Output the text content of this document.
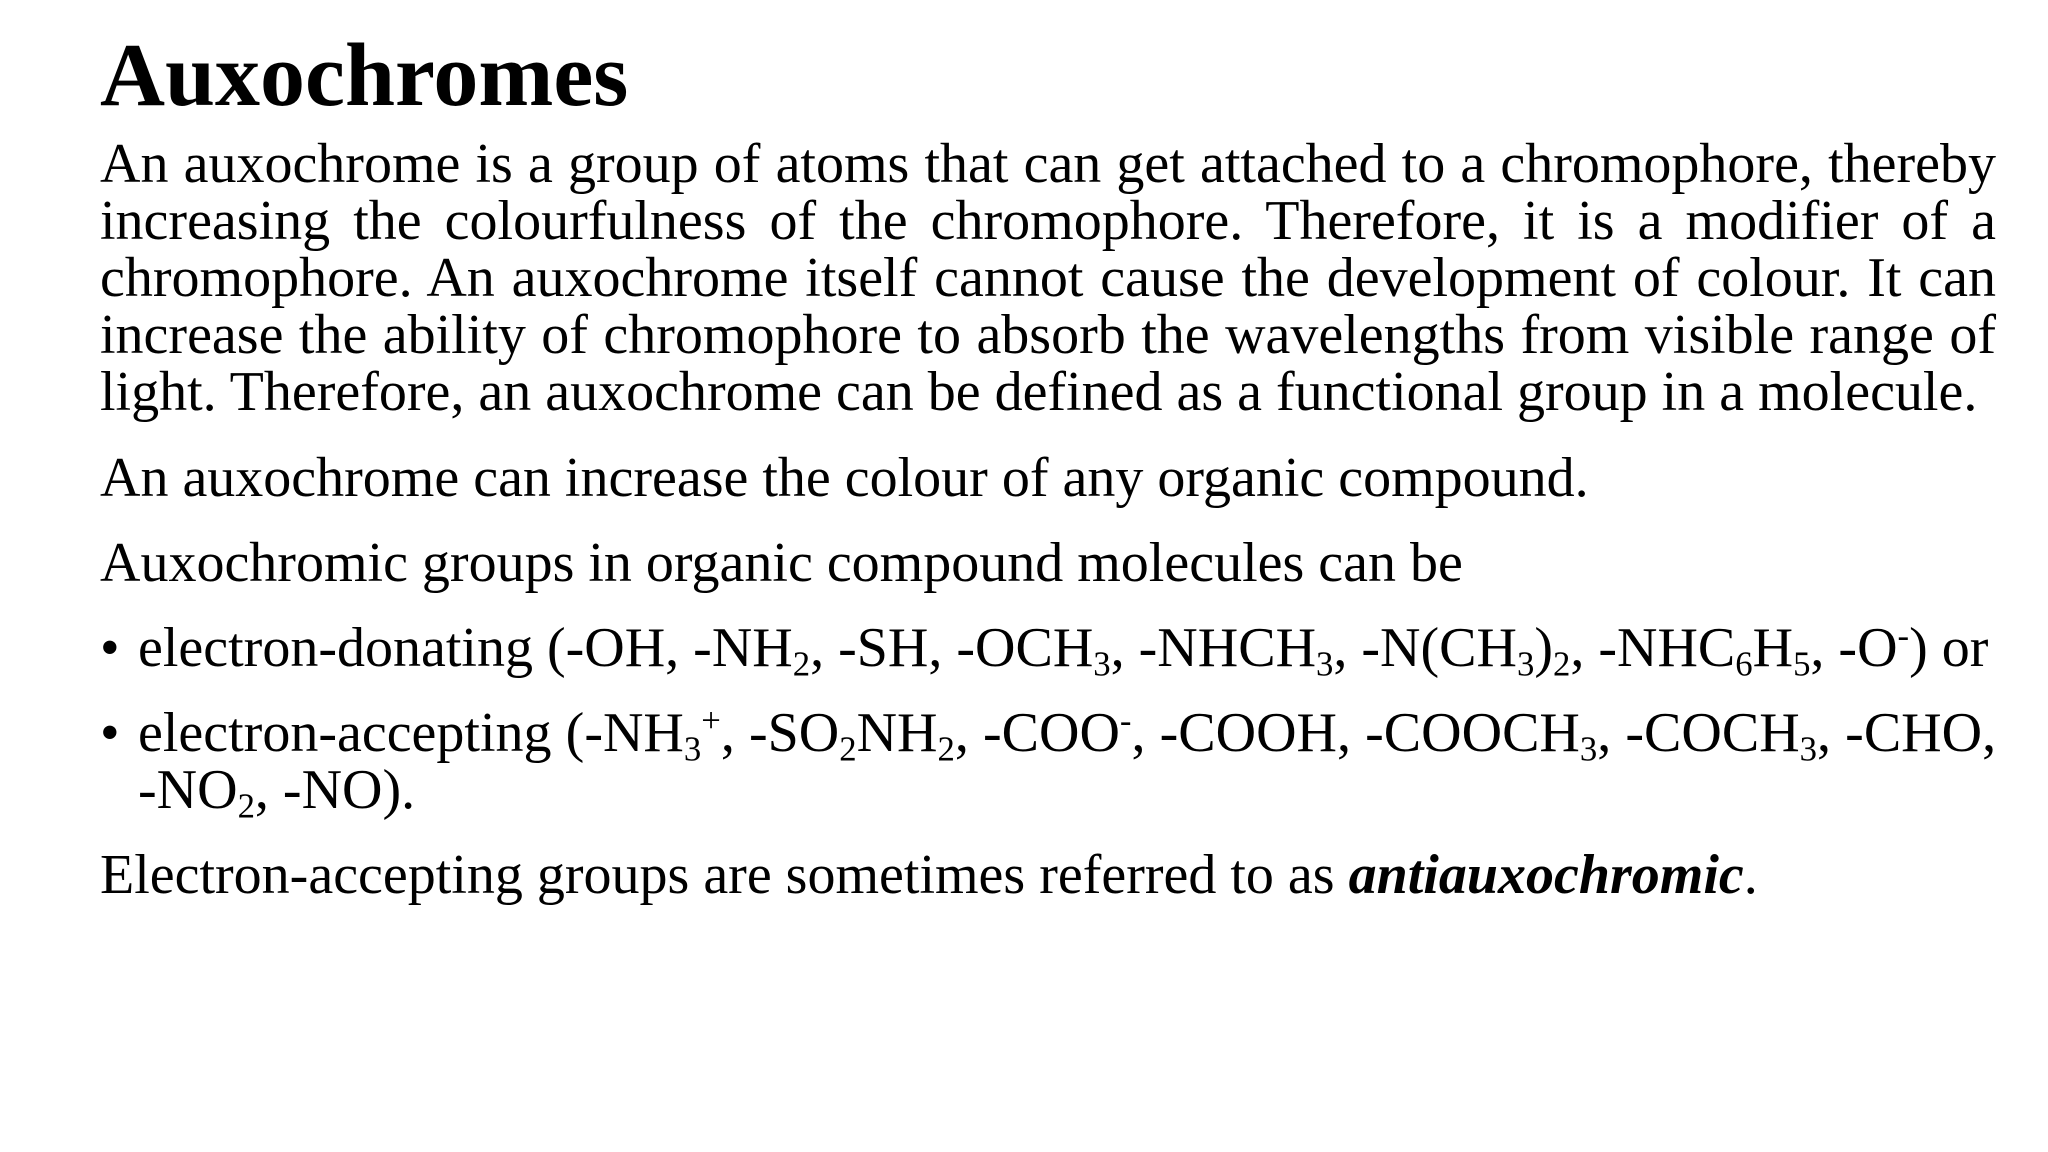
Auxochromes

An auxochrome is a group of atoms that can get attached to a chromophore, thereby increasing the colourfulness of the chromophore. Therefore, it is a modifier of a chromophore. An auxochrome itself cannot cause the development of colour. It can increase the ability of chromophore to absorb the wavelengths from visible range of light. Therefore, an auxochrome can be defined as a functional group in a molecule.

An auxochrome can increase the colour of any organic compound.

Auxochromic groups in organic compound molecules can be

• electron-donating (-OH, $-NH_2$, -SH, $-OCH_3$, $-NHCH_3$, $-N(CH_3)_2$, $-NHC_6H_5$, -O-) or
• electron-accepting ($-NH_3^+$, $-SO_2NH_2$, -COO-, -COOH, $-COOCH_3$, $-COCH_3$, -CHO, $-NO_2$, -NO).

Electron-accepting groups are sometimes referred to as antiauxochromic.
